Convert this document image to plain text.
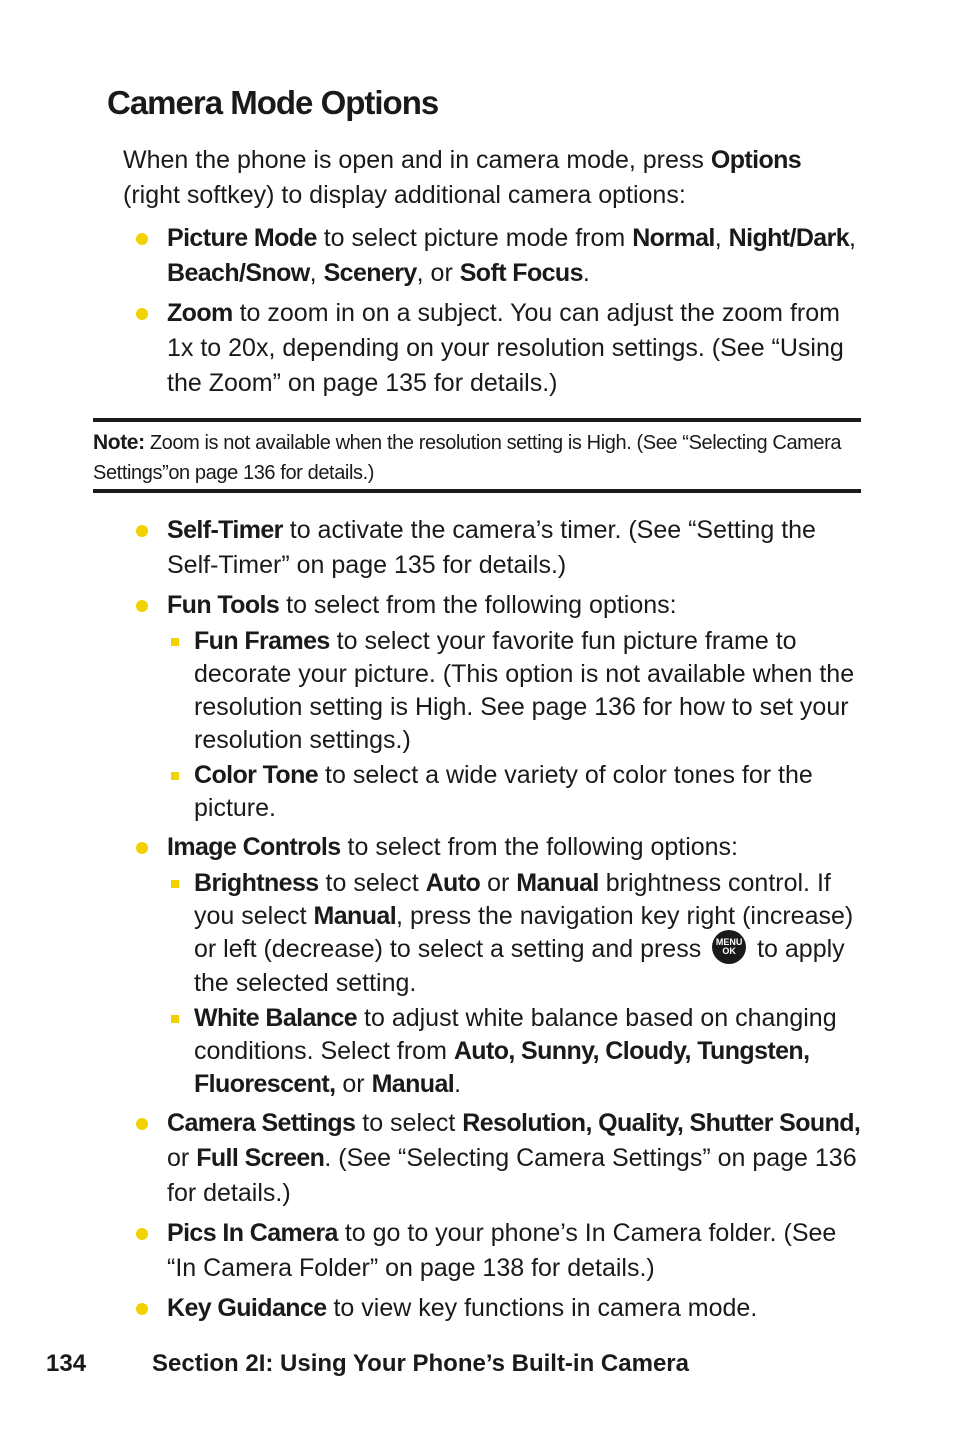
Camera Mode Options

When the phone is open and in camera mode, press Options (right softkey) to display additional camera options:

Picture Mode to select picture mode from Normal, Night/Dark, Beach/Snow, Scenery, or Soft Focus.
Zoom to zoom in on a subject. You can adjust the zoom from 1x to 20x, depending on your resolution settings. (See “Using the Zoom” on page 135 for details.)
Note: Zoom is not available when the resolution setting is High. (See “Selecting Camera Settings”on page 136 for details.)
Self-Timer to activate the camera’s timer. (See “Setting the Self-Timer” on page 135 for details.)
Fun Tools to select from the following options:
Fun Frames to select your favorite fun picture frame to decorate your picture. (This option is not available when the resolution setting is High. See page 136 for how to set your resolution settings.)
Color Tone to select a wide variety of color tones for the picture.
Image Controls to select from the following options:
Brightness to select Auto or Manual brightness control. If you select Manual, press the navigation key right (increase) or left (decrease) to select a setting and press MENU
OK to apply the selected setting.
White Balance to adjust white balance based on changing conditions. Select from Auto, Sunny, Cloudy, Tungsten, Fluorescent, or Manual.
Camera Settings to select Resolution, Quality, Shutter Sound, or Full Screen. (See “Selecting Camera Settings” on page 136 for details.)
Pics In Camera to go to your phone’s In Camera folder. (See “In Camera Folder” on page 138 for details.)
Key Guidance to view key functions in camera mode.
134	Section 2I: Using Your Phone’s Built-in Camera
